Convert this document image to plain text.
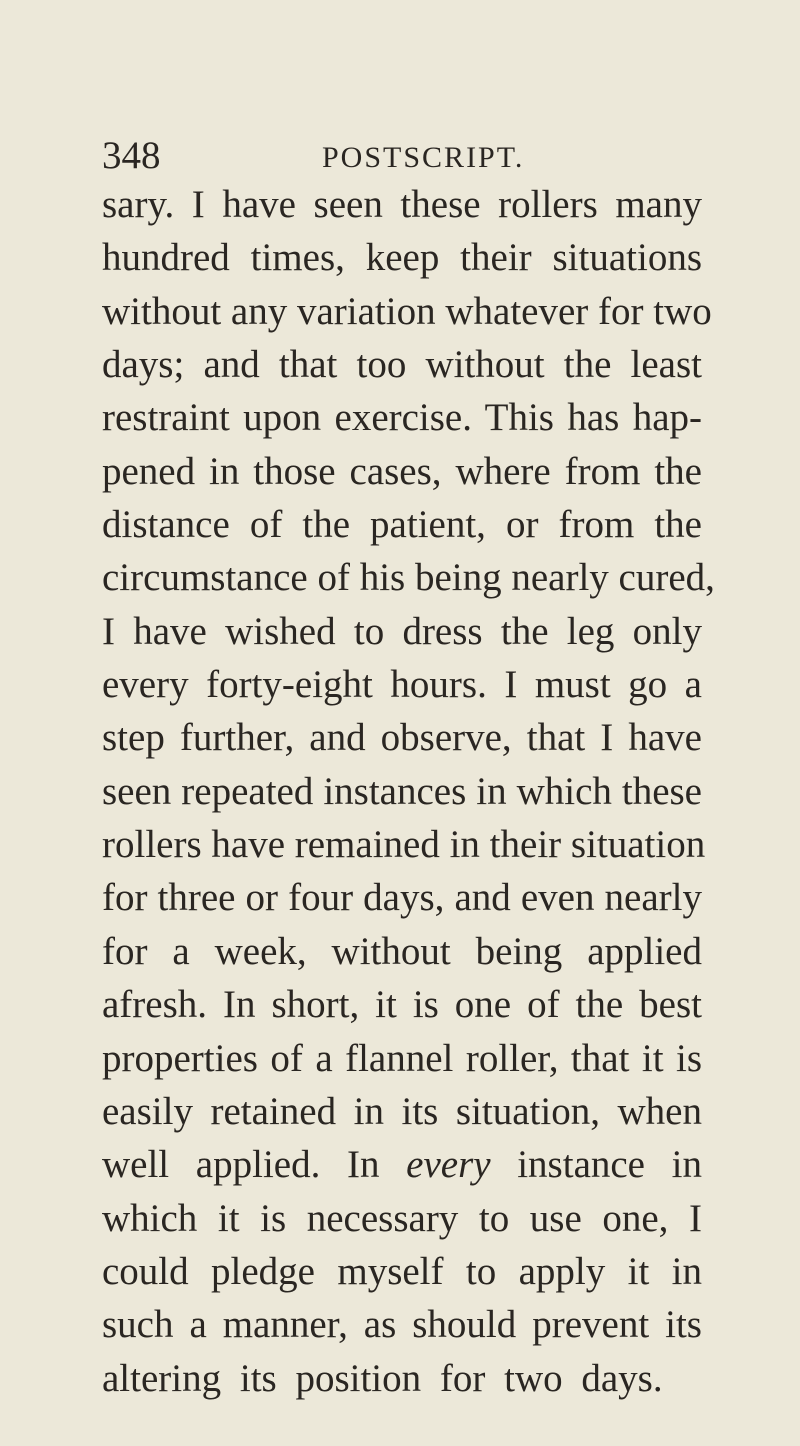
348	POSTSCRIPT.
sary. I have seen these rollers many
hundred times, keep their situations
without any variation whatever for two
days; and that too without the least
restraint upon exercise. This has hap-
pened in those cases, where from the
distance of the patient, or from the
circumstance of his being nearly cured,
I have wished to dress the leg only
every forty-eight hours. I must go a
step further, and observe, that I have
seen repeated instances in which these
rollers have remained in their situation
for three or four days, and even nearly
for a week, without being applied
afresh. In short, it is one of the best
properties of a flannel roller, that it is
easily retained in its situation, when
well applied. In every instance in
which it is necessary to use one, I
could pledge myself to apply it in
such a manner, as should prevent its
altering its position for two days.
